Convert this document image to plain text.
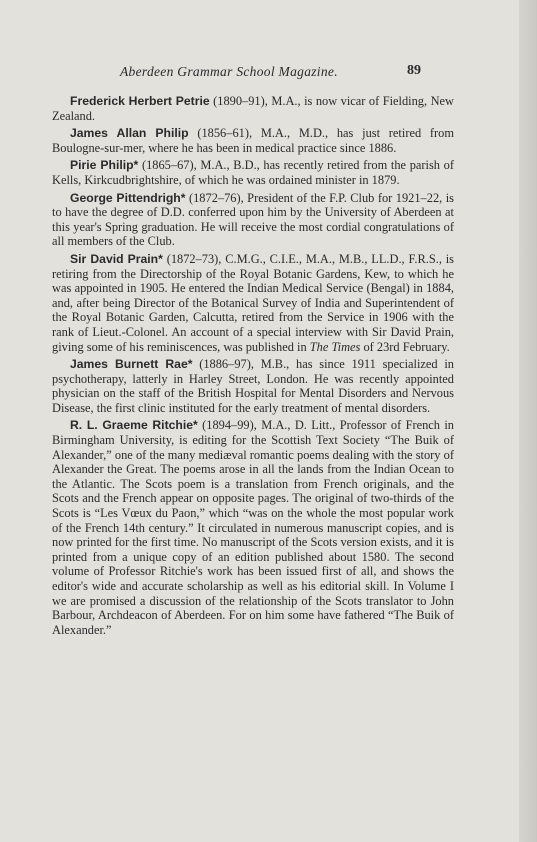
Aberdeen Grammar School Magazine.	89

Frederick Herbert Petrie (1890–91), M.A., is now vicar of Fielding, New Zealand.

James Allan Philip (1856–61), M.A., M.D., has just retired from Boulogne-sur-mer, where he has been in medical practice since 1886.

Pirie Philip* (1865–67), M.A., B.D., has recently retired from the parish of Kells, Kirkcudbrightshire, of which he was ordained minister in 1879.

George Pittendrigh* (1872–76), President of the F.P. Club for 1921–22, is to have the degree of D.D. conferred upon him by the University of Aberdeen at this year's Spring graduation. He will receive the most cordial congratulations of all members of the Club.

Sir David Prain* (1872–73), C.M.G., C.I.E., M.A., M.B., LL.D., F.R.S., is retiring from the Directorship of the Royal Botanic Gardens, Kew, to which he was appointed in 1905. He entered the Indian Medical Service (Bengal) in 1884, and, after being Director of the Botanical Survey of India and Superintendent of the Royal Botanic Garden, Calcutta, retired from the Service in 1906 with the rank of Lieut.-Colonel. An account of a special interview with Sir David Prain, giving some of his reminiscences, was published in The Times of 23rd February.

James Burnett Rae* (1886–97), M.B., has since 1911 specialized in psychotherapy, latterly in Harley Street, London. He was recently appointed physician on the staff of the British Hospital for Mental Disorders and Nervous Disease, the first clinic instituted for the early treatment of mental disorders.

R. L. Graeme Ritchie* (1894–99), M.A., D. Litt., Professor of French in Birmingham University, is editing for the Scottish Text Society “The Buik of Alexander,” one of the many mediæval romantic poems dealing with the story of Alexander the Great. The poems arose in all the lands from the Indian Ocean to the Atlantic. The Scots poem is a translation from French originals, and the Scots and the French appear on opposite pages. The original of two-thirds of the Scots is “Les Vœux du Paon,” which “was on the whole the most popular work of the French 14th century.” It circulated in numerous manuscript copies, and is now printed for the first time. No manuscript of the Scots version exists, and it is printed from a unique copy of an edition published about 1580. The second volume of Professor Ritchie's work has been issued first of all, and shows the editor's wide and accurate scholarship as well as his editorial skill. In Volume I we are promised a discussion of the relationship of the Scots translator to John Barbour, Archdeacon of Aberdeen. For on him some have fathered “The Buik of Alexander.”
